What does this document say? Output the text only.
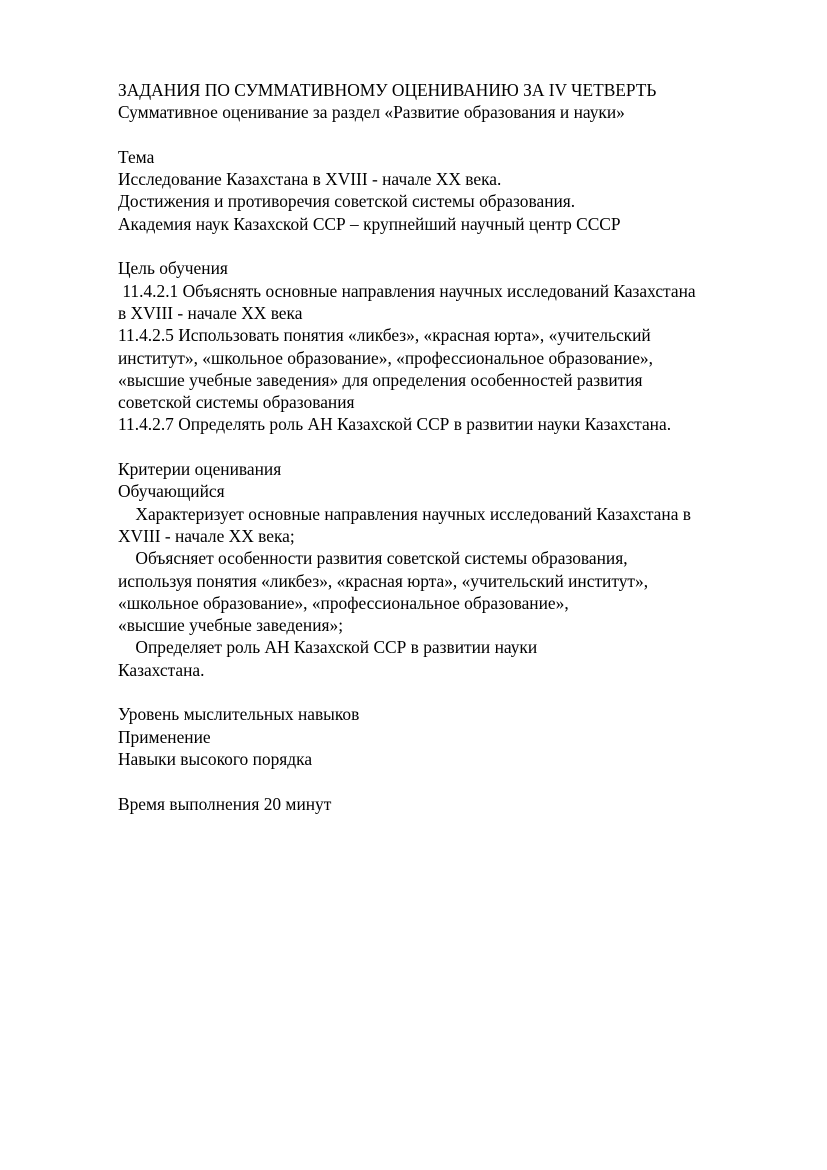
ЗАДАНИЯ ПО СУММАТИВНОМУ ОЦЕНИВАНИЮ ЗА IV ЧЕТВЕРТЬ
Суммативное оценивание за раздел «Развитие образования и науки»
Тема
Исследование Казахстана в XVIII - начале XX века.
Достижения и противоречия советской системы образования.
Академия наук Казахской ССР – крупнейший научный центр СССР
Цель обучения
11.4.2.1 Объяснять основные направления научных исследований Казахстана
в XVIII - начале XX века
11.4.2.5 Использовать понятия «ликбез», «красная юрта», «учительский
институт», «школьное образование», «профессиональное образование»,
«высшие учебные заведения» для определения особенностей развития
советской системы образования
11.4.2.7 Определять роль АН Казахской ССР в развитии науки Казахстана.
Критерии оценивания
Обучающийся
Характеризует основные направления научных исследований Казахстана в
XVIII - начале XX века;
Объясняет особенности развития советской системы образования,
используя понятия «ликбез», «красная юрта», «учительский институт»,
«школьное образование», «профессиональное образование»,
«высшие учебные заведения»;
Определяет роль АН Казахской ССР в развитии науки
Казахстана.
Уровень мыслительных навыков
Применение
Навыки высокого порядка
Время выполнения 20 минут
